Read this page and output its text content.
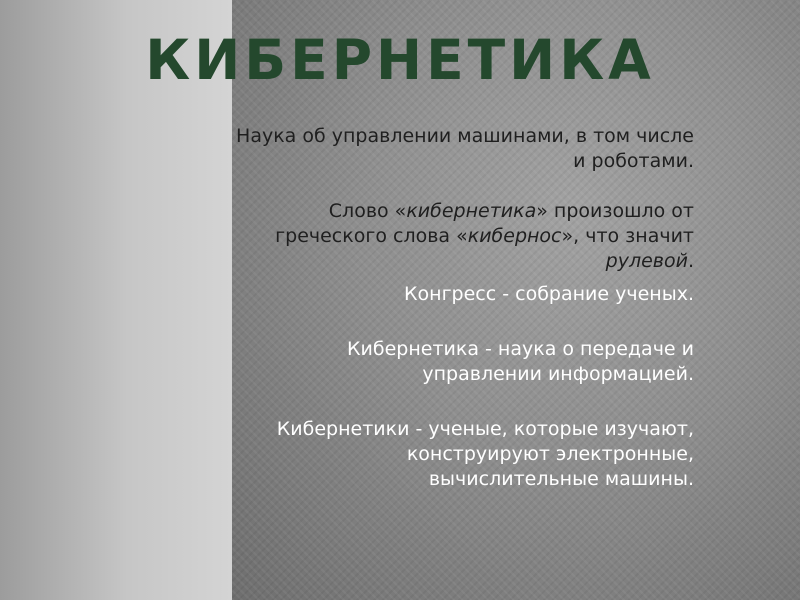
КИБЕРНЕТИКА

Наука об управлении машинами, в том числе и роботами.

Слово «кибернетика» произошло от греческого слова «кибернос», что значит рулевой.

Конгресс - собрание ученых.

Кибернетика - наука о передаче и управлении информацией.

Кибернетики - ученые, которые изучают, конструируют электронные, вычислительные машины.
